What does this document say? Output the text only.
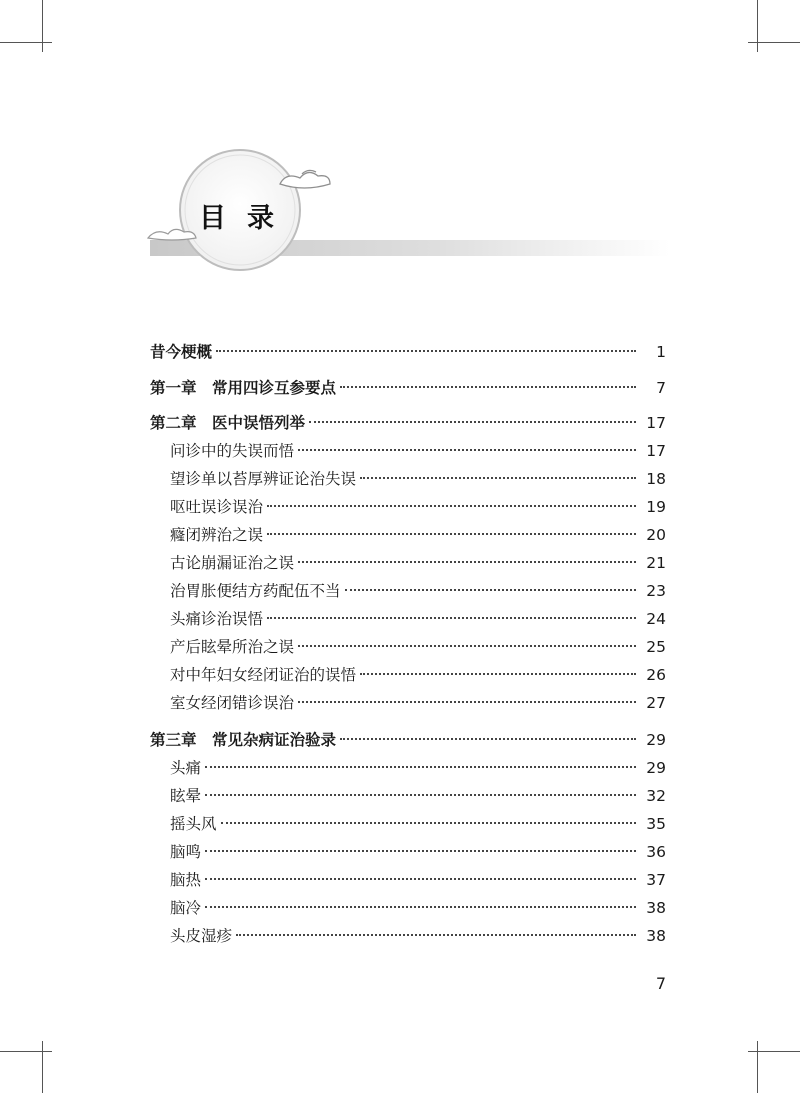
目 录
昔今梗概	1
第一章　常用四诊互参要点	7
第二章　医中误悟列举	17
问诊中的失误而悟	17
望诊单以苔厚辨证论治失误	18
呕吐误诊误治	19
癃闭辨治之误	20
古论崩漏证治之误	21
治胃胀便结方药配伍不当	23
头痛诊治误悟	24
产后眩晕所治之误	25
对中年妇女经闭证治的误悟	26
室女经闭错诊误治	27
第三章　常见杂病证治验录	29
头痛	29
眩晕	32
摇头风	35
脑鸣	36
脑热	37
脑冷	38
头皮湿疹	38
7
